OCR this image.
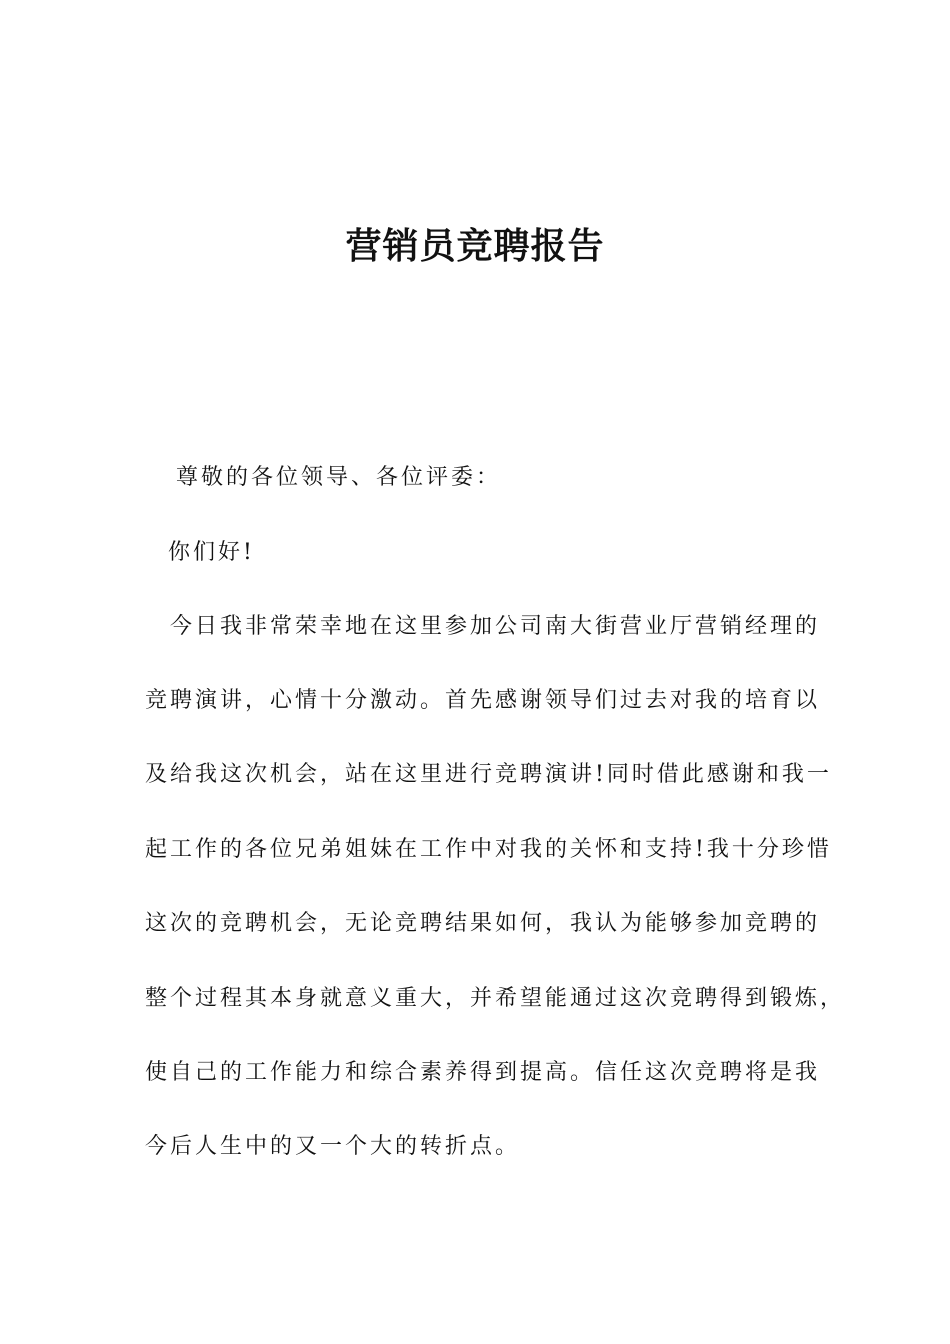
营销员竞聘报告

尊敬的各位领导、各位评委：

你们好!

今日我非常荣幸地在这里参加公司南大街营业厅营销经理的

竞聘演讲，心情十分激动。首先感谢领导们过去对我的培育以

及给我这次机会，站在这里进行竞聘演讲!同时借此感谢和我一

起工作的各位兄弟姐妹在工作中对我的关怀和支持!我十分珍惜

这次的竞聘机会，无论竞聘结果如何，我认为能够参加竞聘的

整个过程其本身就意义重大，并希望能通过这次竞聘得到锻炼，

使自己的工作能力和综合素养得到提高。信任这次竞聘将是我

今后人生中的又一个大的转折点。
